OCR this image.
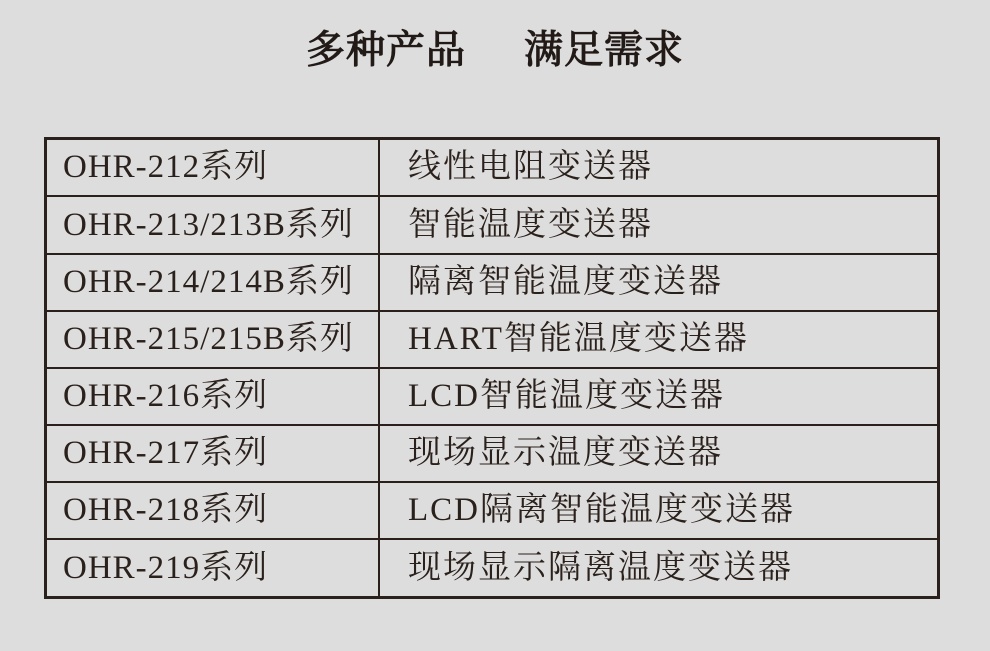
多种产品 满足需求
OHR-212系列	线性电阻变送器
OHR-213/213B系列	智能温度变送器
OHR-214/214B系列	隔离智能温度变送器
OHR-215/215B系列	HART智能温度变送器
OHR-216系列	LCD智能温度变送器
OHR-217系列	现场显示温度变送器
OHR-218系列	LCD隔离智能温度变送器
OHR-219系列	现场显示隔离温度变送器
